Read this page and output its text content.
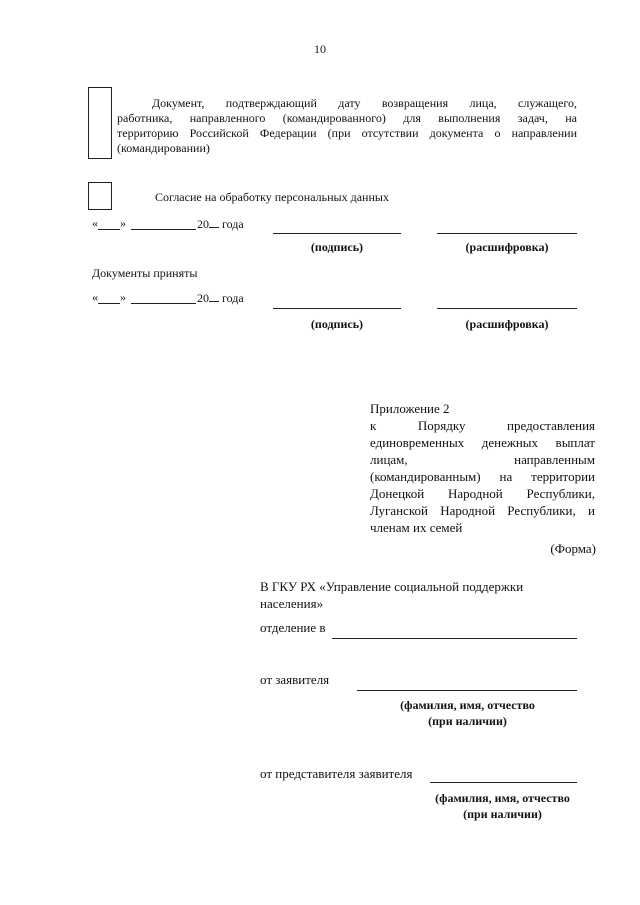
10
Документ, подтверждающий дату возвращения лица, служащего,
работника, направленного (командированного) для выполнения задач, на
территорию Российской Федерации (при отсутствии документа о направлении
(командировании)
Согласие на обработку персональных данных
« »	20 года
(подпись)	(расшифровка)
Документы приняты
« »	20 года
(подпись)	(расшифровка)
Приложение 2
к Порядку предоставления
единовременных денежных выплат
лицам, направленным
(командированным) на территории
Донецкой Народной Республики,
Луганской Народной Республики, и
членам их семей
(Форма)
В ГКУ РХ «Управление социальной поддержки
населения»
отделение в
от заявителя
(фамилия, имя, отчество
(при наличии)
от представителя заявителя
(фамилия, имя, отчество
(при наличии)
